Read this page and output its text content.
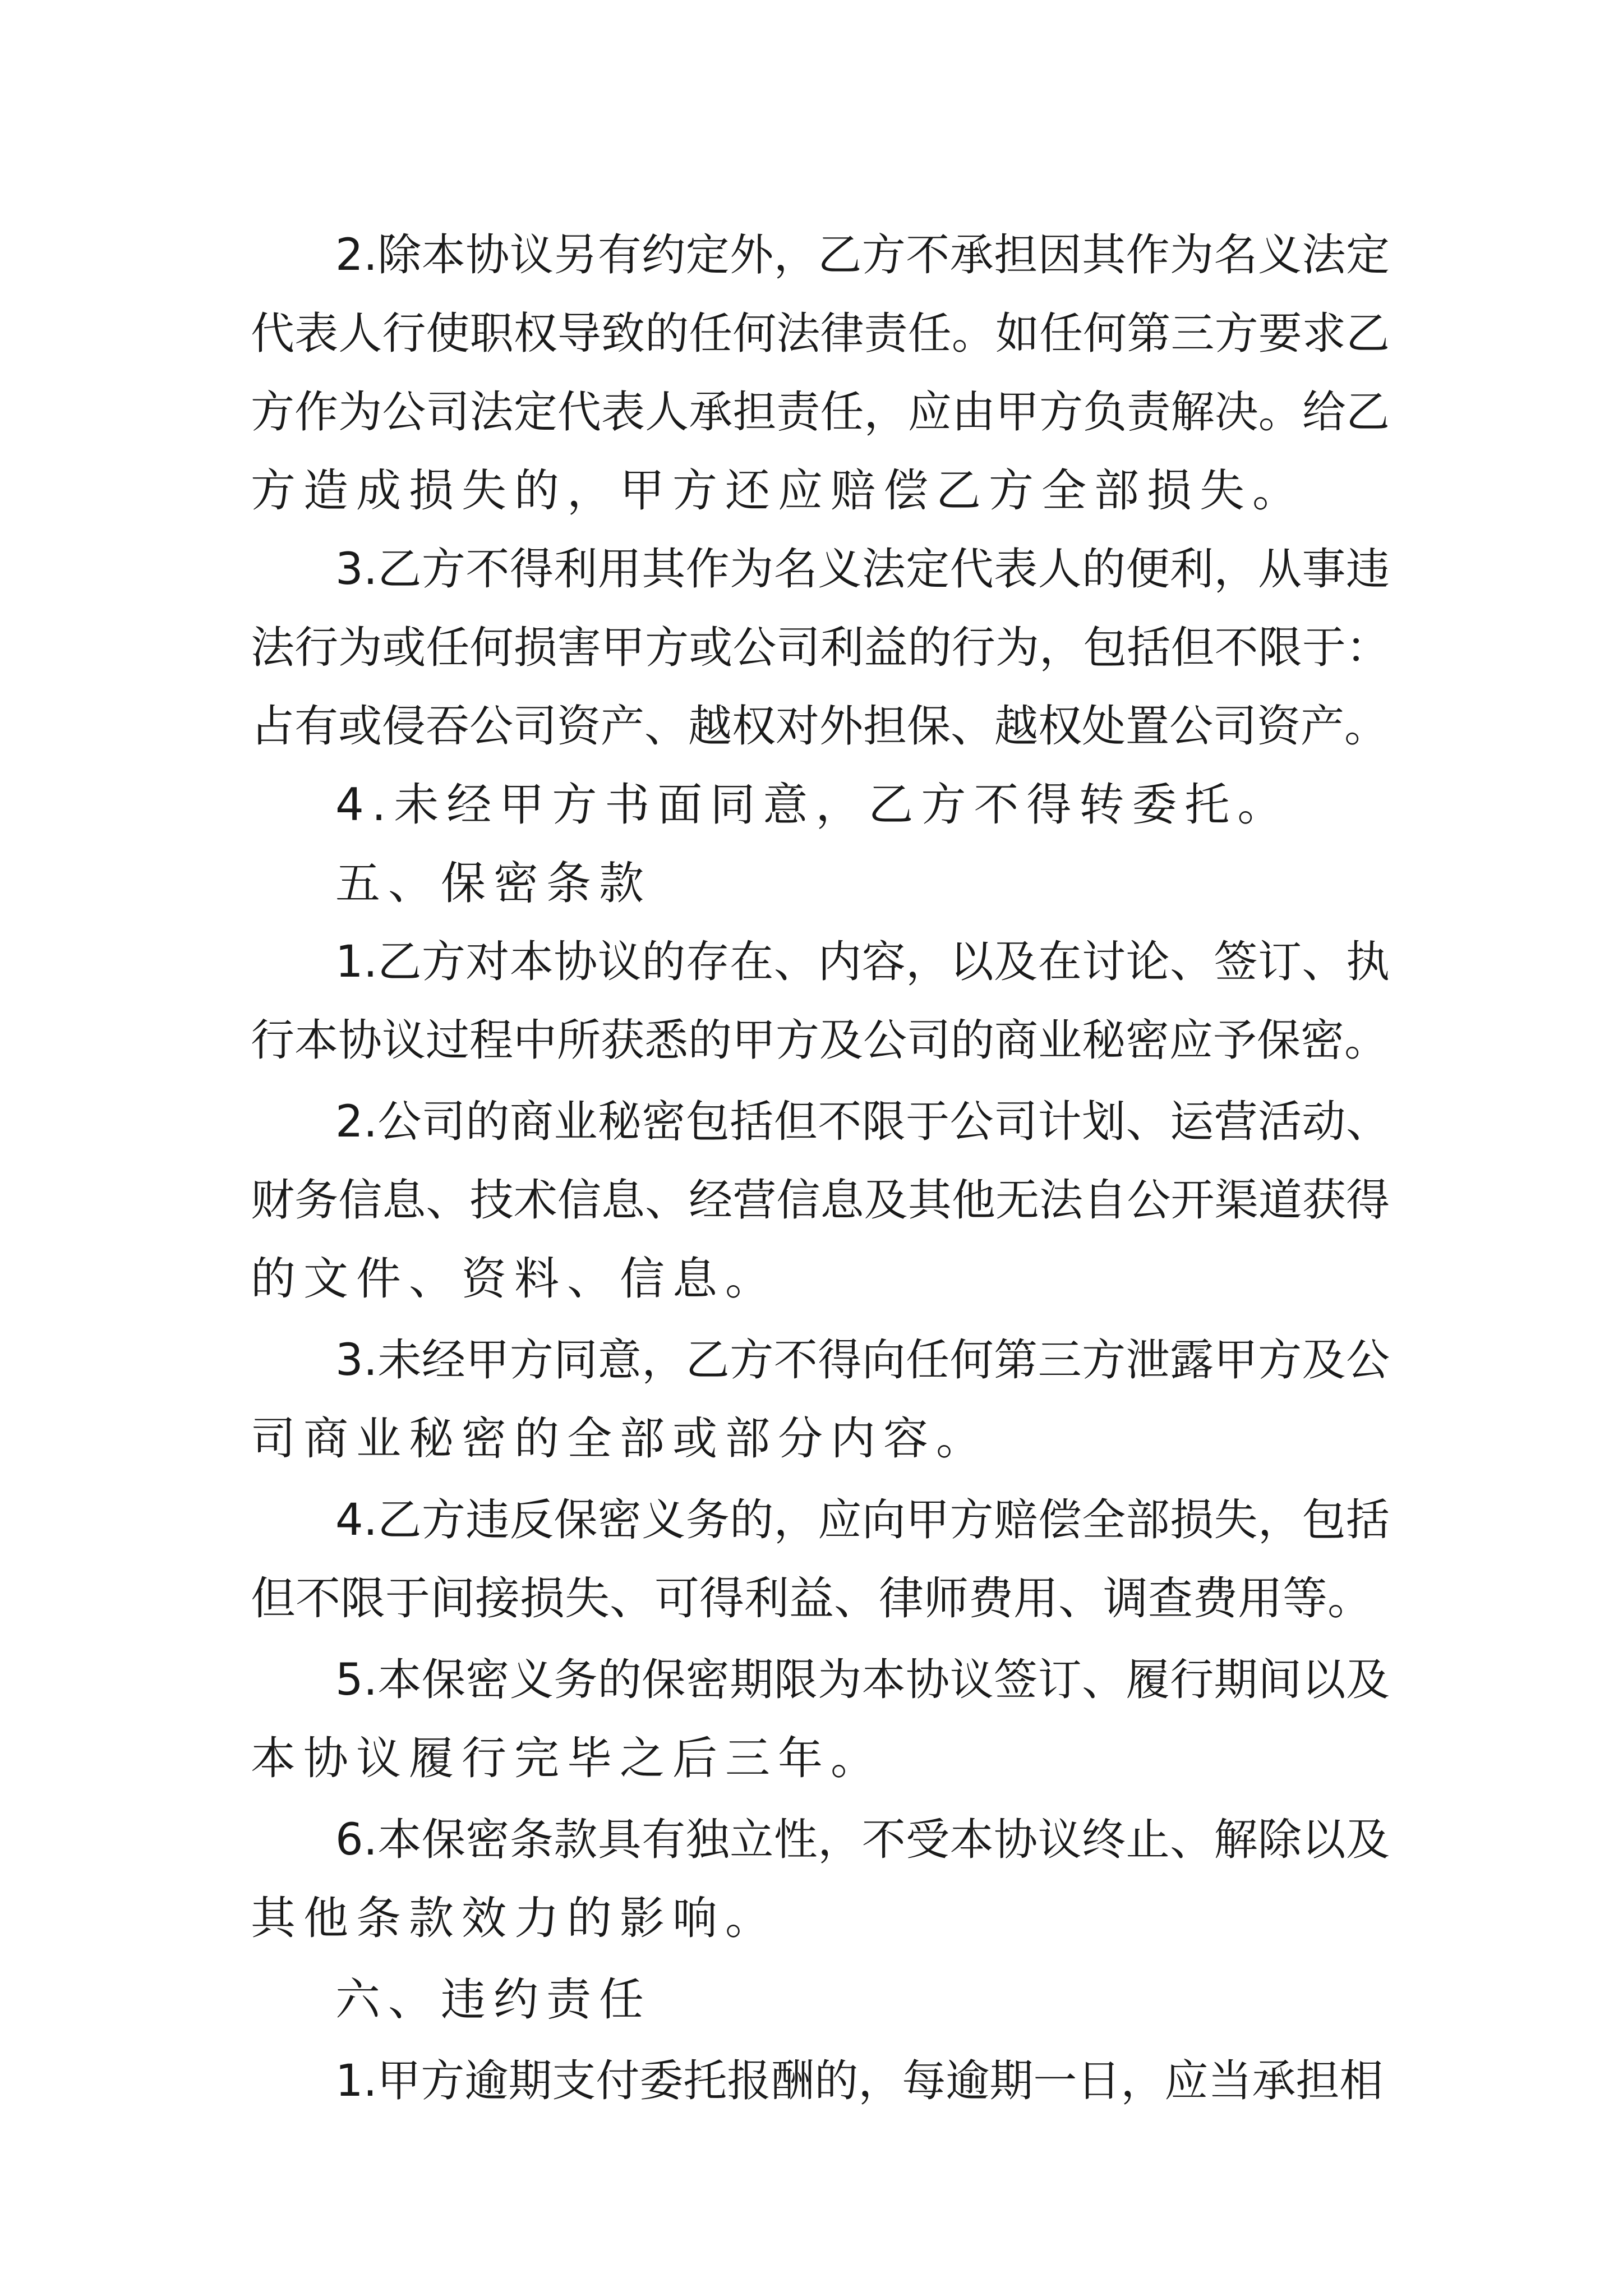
2.除本协议另有约定外，乙方不承担因其作为名义法定
代表人行使职权导致的任何法律责任。如任何第三方要求乙
方作为公司法定代表人承担责任，应由甲方负责解决。给乙
方造成损失的，甲方还应赔偿乙方全部损失。
3.乙方不得利用其作为名义法定代表人的便利，从事违
法行为或任何损害甲方或公司利益的行为，包括但不限于：
占有或侵吞公司资产、越权对外担保、越权处置公司资产。
4.未经甲方书面同意，乙方不得转委托。
五、保密条款
1.乙方对本协议的存在、内容，以及在讨论、签订、执
行本协议过程中所获悉的甲方及公司的商业秘密应予保密。
2.公司的商业秘密包括但不限于公司计划、运营活动、
财务信息、技术信息、经营信息及其他无法自公开渠道获得
的文件、资料、信息。
3.未经甲方同意，乙方不得向任何第三方泄露甲方及公
司商业秘密的全部或部分内容。
4.乙方违反保密义务的，应向甲方赔偿全部损失，包括
但不限于间接损失、可得利益、律师费用、调查费用等。
5.本保密义务的保密期限为本协议签订、履行期间以及
本协议履行完毕之后三年。
6.本保密条款具有独立性，不受本协议终止、解除以及
其他条款效力的影响。
六、违约责任
1.甲方逾期支付委托报酬的，每逾期一日，应当承担相
